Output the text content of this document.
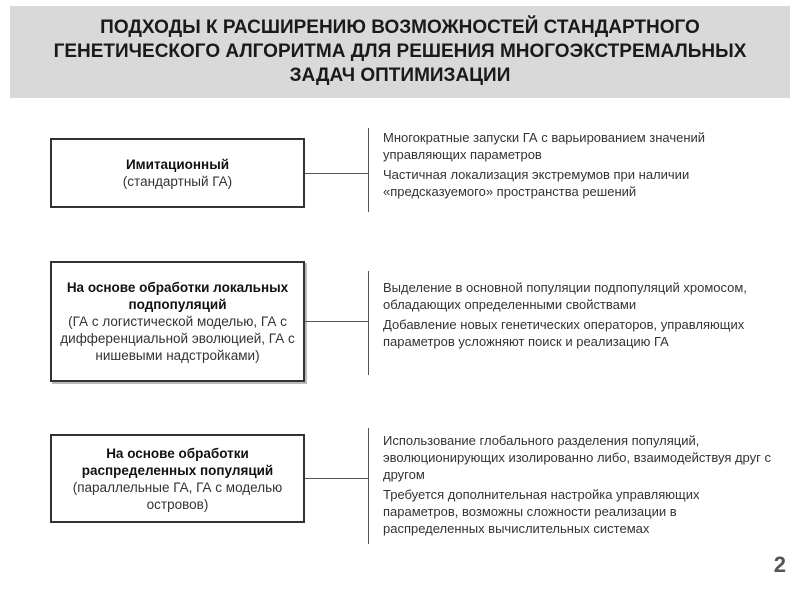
ПОДХОДЫ К РАСШИРЕНИЮ ВОЗМОЖНОСТЕЙ СТАНДАРТНОГО ГЕНЕТИЧЕСКОГО АЛГОРИТМА ДЛЯ РЕШЕНИЯ МНОГОЭКСТРЕМАЛЬНЫХ ЗАДАЧ ОПТИМИЗАЦИИ
Имитационный
(стандартный ГА)

Многократные запуски ГА с варьированием значений управляющих параметров

Частичная локализация экстремумов при наличии «предсказуемого» пространства решений

На основе обработки локальных подпопуляций
(ГА с логистической моделью, ГА с дифференциальной эволюцией, ГА с нишевыми надстройками)

Выделение в основной популяции подпопуляций хромосом, обладающих определенными свойствами

Добавление новых генетических операторов, управляющих параметров усложняют поиск и реализацию ГА

На основе обработки распределенных популяций
(параллельные ГА, ГА с моделью островов)

Использование глобального разделения популяций, эволюционирующих изолированно либо, взаимодействуя друг с другом

Требуется дополнительная настройка управляющих параметров, возможны сложности реализации в распределенных вычислительных системах

2
